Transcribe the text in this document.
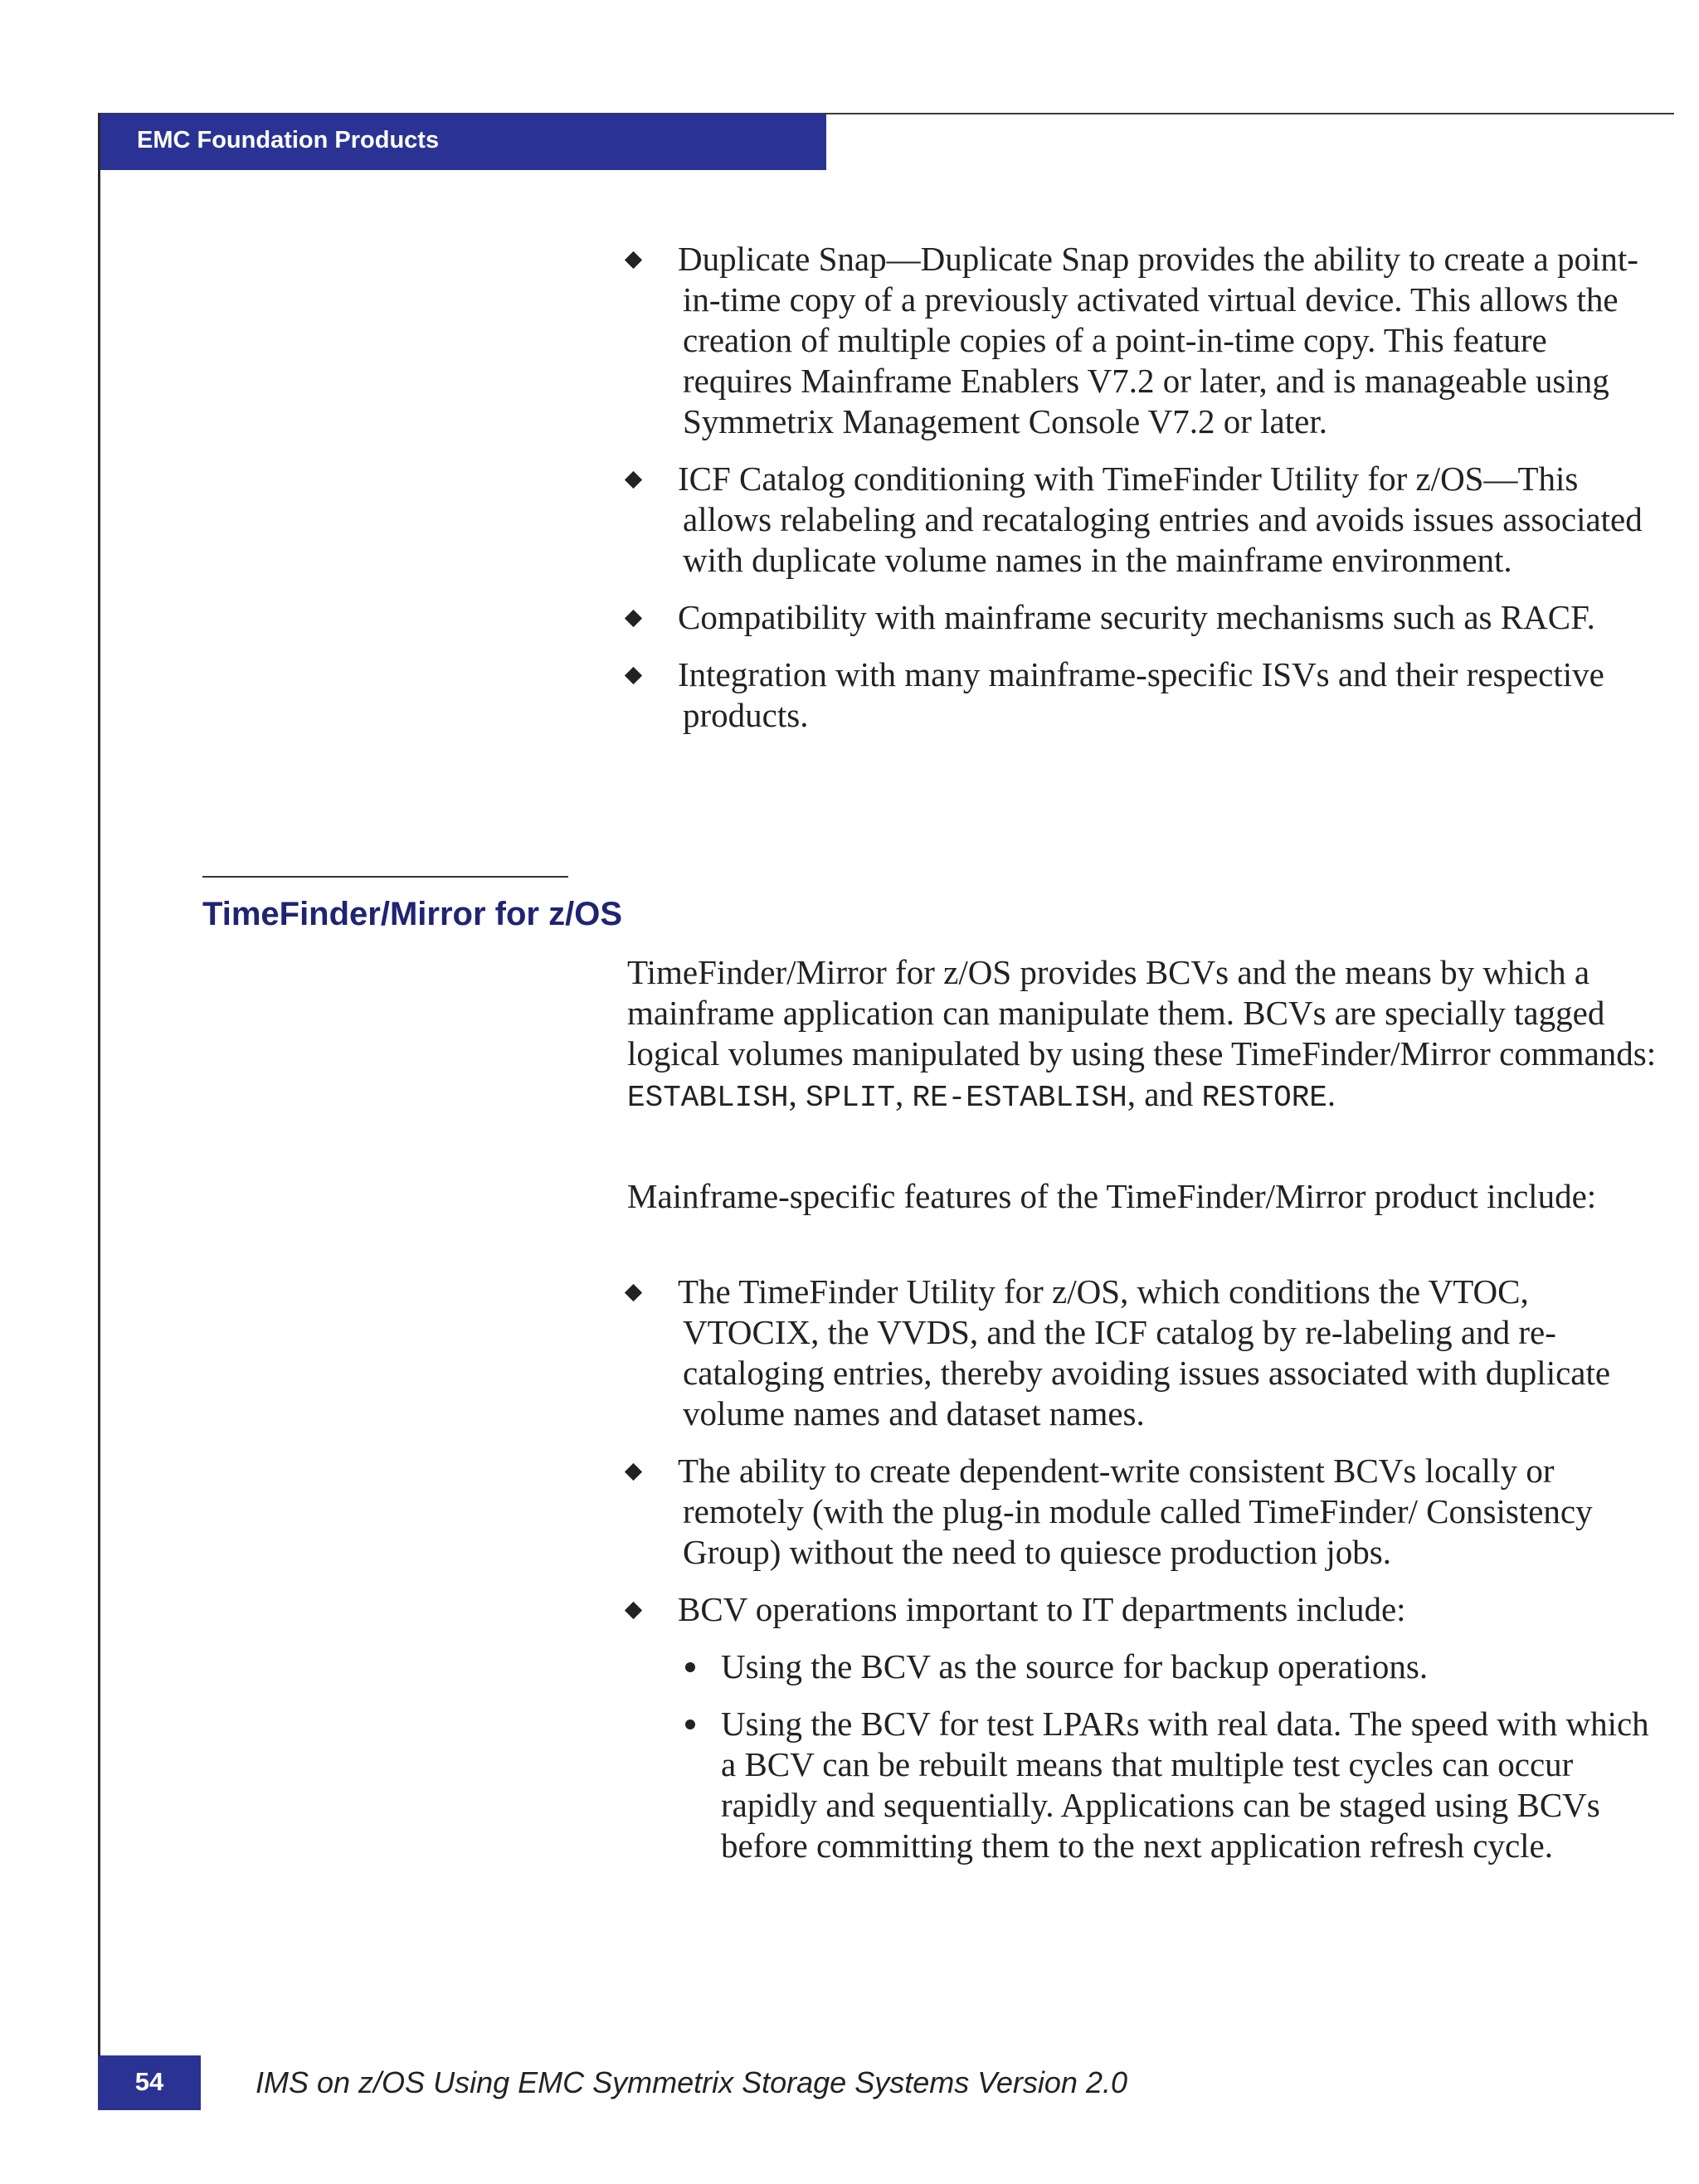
EMC Foundation Products
Duplicate Snap—Duplicate Snap provides the ability to create a point-in-time copy of a previously activated virtual device. This allows the creation of multiple copies of a point-in-time copy. This feature requires Mainframe Enablers V7.2 or later, and is manageable using Symmetrix Management Console V7.2 or later.
ICF Catalog conditioning with TimeFinder Utility for z/OS—This allows relabeling and recataloging entries and avoids issues associated with duplicate volume names in the mainframe environment.
Compatibility with mainframe security mechanisms such as RACF.
Integration with many mainframe-specific ISVs and their respective products.
TimeFinder/Mirror for z/OS

TimeFinder/Mirror for z/OS provides BCVs and the means by which a mainframe application can manipulate them. BCVs are specially tagged logical volumes manipulated by using these TimeFinder/Mirror commands: ESTABLISH, SPLIT, RE-ESTABLISH, and RESTORE.

Mainframe-specific features of the TimeFinder/Mirror product include:

The TimeFinder Utility for z/OS, which conditions the VTOC, VTOCIX, the VVDS, and the ICF catalog by re-labeling and re-cataloging entries, thereby avoiding issues associated with duplicate volume names and dataset names.
The ability to create dependent-write consistent BCVs locally or remotely (with the plug-in module called TimeFinder/ Consistency Group) without the need to quiesce production jobs.
BCV operations important to IT departments include:
Using the BCV as the source for backup operations.
Using the BCV for test LPARs with real data. The speed with which a BCV can be rebuilt means that multiple test cycles can occur rapidly and sequentially. Applications can be staged using BCVs before committing them to the next application refresh cycle.
54	IMS on z/OS Using EMC Symmetrix Storage Systems Version 2.0
